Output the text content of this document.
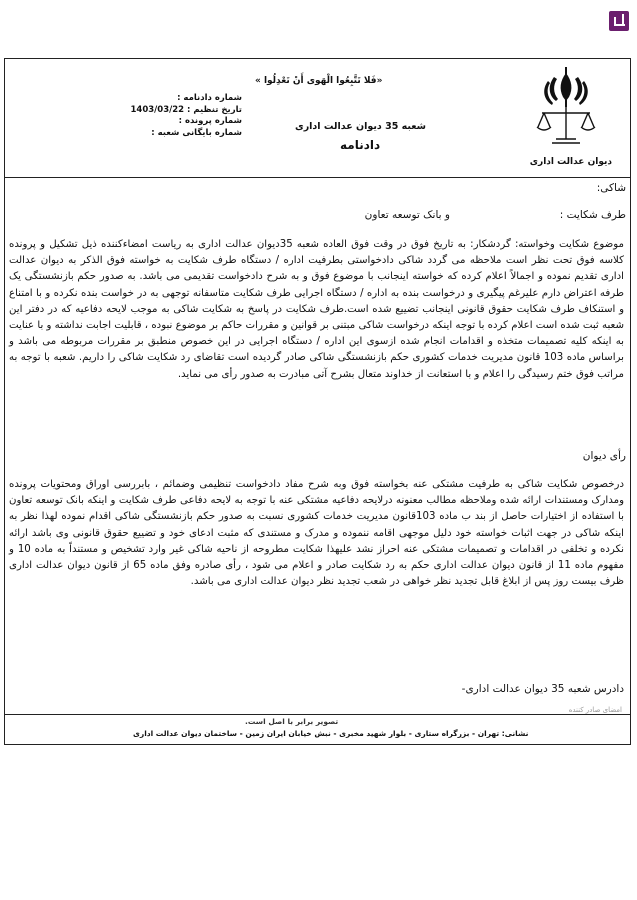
دیوان عدالت اداری
«فَلا تَتَّبِعُوا الْهَوى أَنْ تَعْدِلُوا »
شعبه 35 دیوان عدالت اداری
دادنامه
شماره دادنامه :
تاریخ تنظیم : 1403/03/22
شماره پرونده :
شماره بایگانی شعبه :
شاکی:
طرف شکایت :
و بانک توسعه تعاون
موضوع شکایت وخواسته: گردشکار: به تاریخ فوق در وقت فوق العاده شعبه 35دیوان عدالت اداری به ریاست امضاءکننده ذیل تشکیل و پرونده کلاسه فوق تحت نظر است ملاحظه می گردد شاکی دادخواستی بطرفیت اداره / دستگاه طرف شکایت به خواسته فوق الذکر به دیوان عدالت اداری تقدیم نموده و اجمالاً اعلام کرده که خواسته اینجانب با موضوع فوق و به شرح دادخواست تقدیمی می باشد. به صدور حکم بازنشستگی یک طرفه اعتراض دارم علیرغم پیگیری و درخواست بنده به اداره / دستگاه اجرایی طرف شکایت متاسفانه توجهی به در خواست بنده نکرده و با امتناع و استنکاف طرف شکایت حقوق قانونی اینجانب تضییع شده است.طرف شکایت در پاسخ به شکایت شاکی به موجب لایحه دفاعیه که در دفتر این شعبه ثبت شده است اعلام کرده با توجه اینکه درخواست شاکی مبتنی بر قوانین و مقررات حاکم بر موضوع نبوده ، قابلیت اجابت نداشته و با عنایت به اینکه کلیه تصمیمات متخذه و اقدامات انجام شده ازسوی این اداره / دستگاه اجرایی در این خصوص منطبق بر مقررات مربوطه می باشد و براساس ماده 103 قانون مدیریت خدمات کشوری حکم بازنشستگی شاکی صادر گردیده است تقاضای رد شکایت شاکی را داریم. شعبه با توجه به مراتب فوق ختم رسیدگی را اعلام و با استعانت از خداوند متعال بشرح آتی مبادرت به صدور رأی می نماید.
رأی دیوان
درخصوص شکایت شاکی به طرفیت مشتکی عنه بخواسته فوق وبه شرح مفاد دادخواست تنظیمی وضمائم ، بابررسی اوراق ومحتویات پرونده ومدارک ومستندات ارائه شده وملاحظه مطالب معنونه درلایحه دفاعیه مشتکی عنه با توجه به لایحه دفاعی طرف شکایت و اینکه بانک توسعه تعاون با استفاده از اختیارات حاصل از بند ب ماده 103قانون مدیریت خدمات کشوری نسبت به صدور حکم بازنشستگی شاکی اقدام نموده لهذا نظر به اینکه شاکی در جهت اثبات خواسته خود دلیل موجهی اقامه ننموده و مدرک و مستندی که مثبت ادعای خود و تضییع حقوق قانونی وی باشد ارائه نکرده و تخلفی در اقدامات و تصمیمات مشتکی عنه احراز نشد علیهذا شکایت مطروحه از ناحیه شاکی غیر وارد تشخیص و مستنداً به ماده 10 و مفهوم ماده 11 از قانون دیوان عدالت اداری حکم به رد شکایت صادر و اعلام می شود ، رأی صادره وفق ماده 65 از قانون دیوان عدالت اداری ظرف بیست روز پس از ابلاغ قابل تجدید نظر خواهی در شعب تجدید نظر دیوان عدالت اداری می باشد.
دادرس شعبه 35 دیوان عدالت اداری-
امضای صادر کننده
تصویر برابر با اصل است.
نشانی: تهران - بزرگراه ستاری - بلوار شهید مخبری - نبش خیابان ایران زمین - ساختمان دیوان عدالت اداری
